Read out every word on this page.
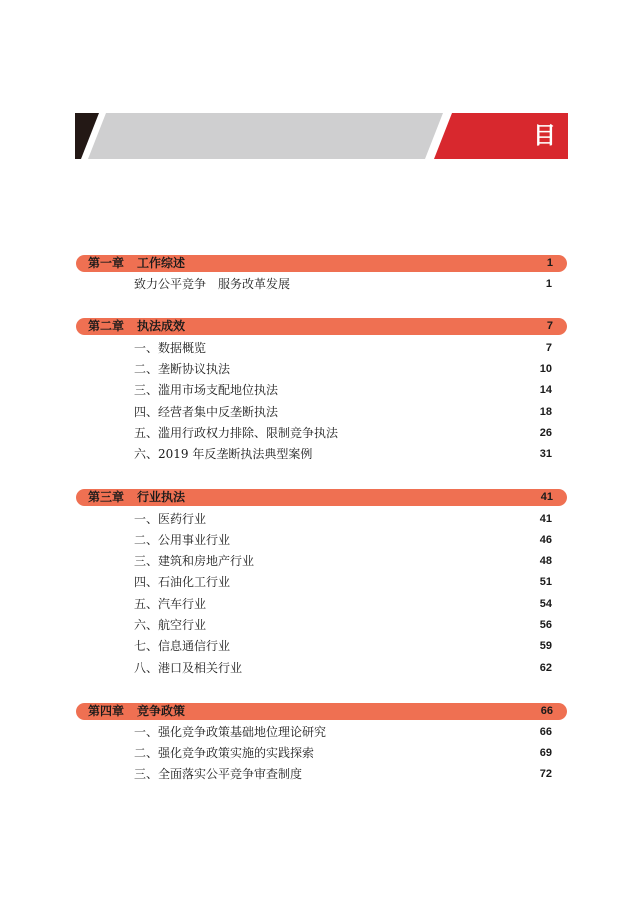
目 录
第一章 工作综述	1
致力公平竞争　服务改革发展	1
第二章 执法成效	7
一、数据概览	7
二、垄断协议执法	10
三、滥用市场支配地位执法	14
四、经营者集中反垄断执法	18
五、滥用行政权力排除、限制竞争执法	26
六、2019 年反垄断执法典型案例	31
第三章 行业执法	41
一、医药行业	41
二、公用事业行业	46
三、建筑和房地产行业	48
四、石油化工行业	51
五、汽车行业	54
六、航空行业	56
七、信息通信行业	59
八、港口及相关行业	62
第四章 竞争政策	66
一、强化竞争政策基础地位理论研究	66
二、强化竞争政策实施的实践探索	69
三、全面落实公平竞争审查制度	72
